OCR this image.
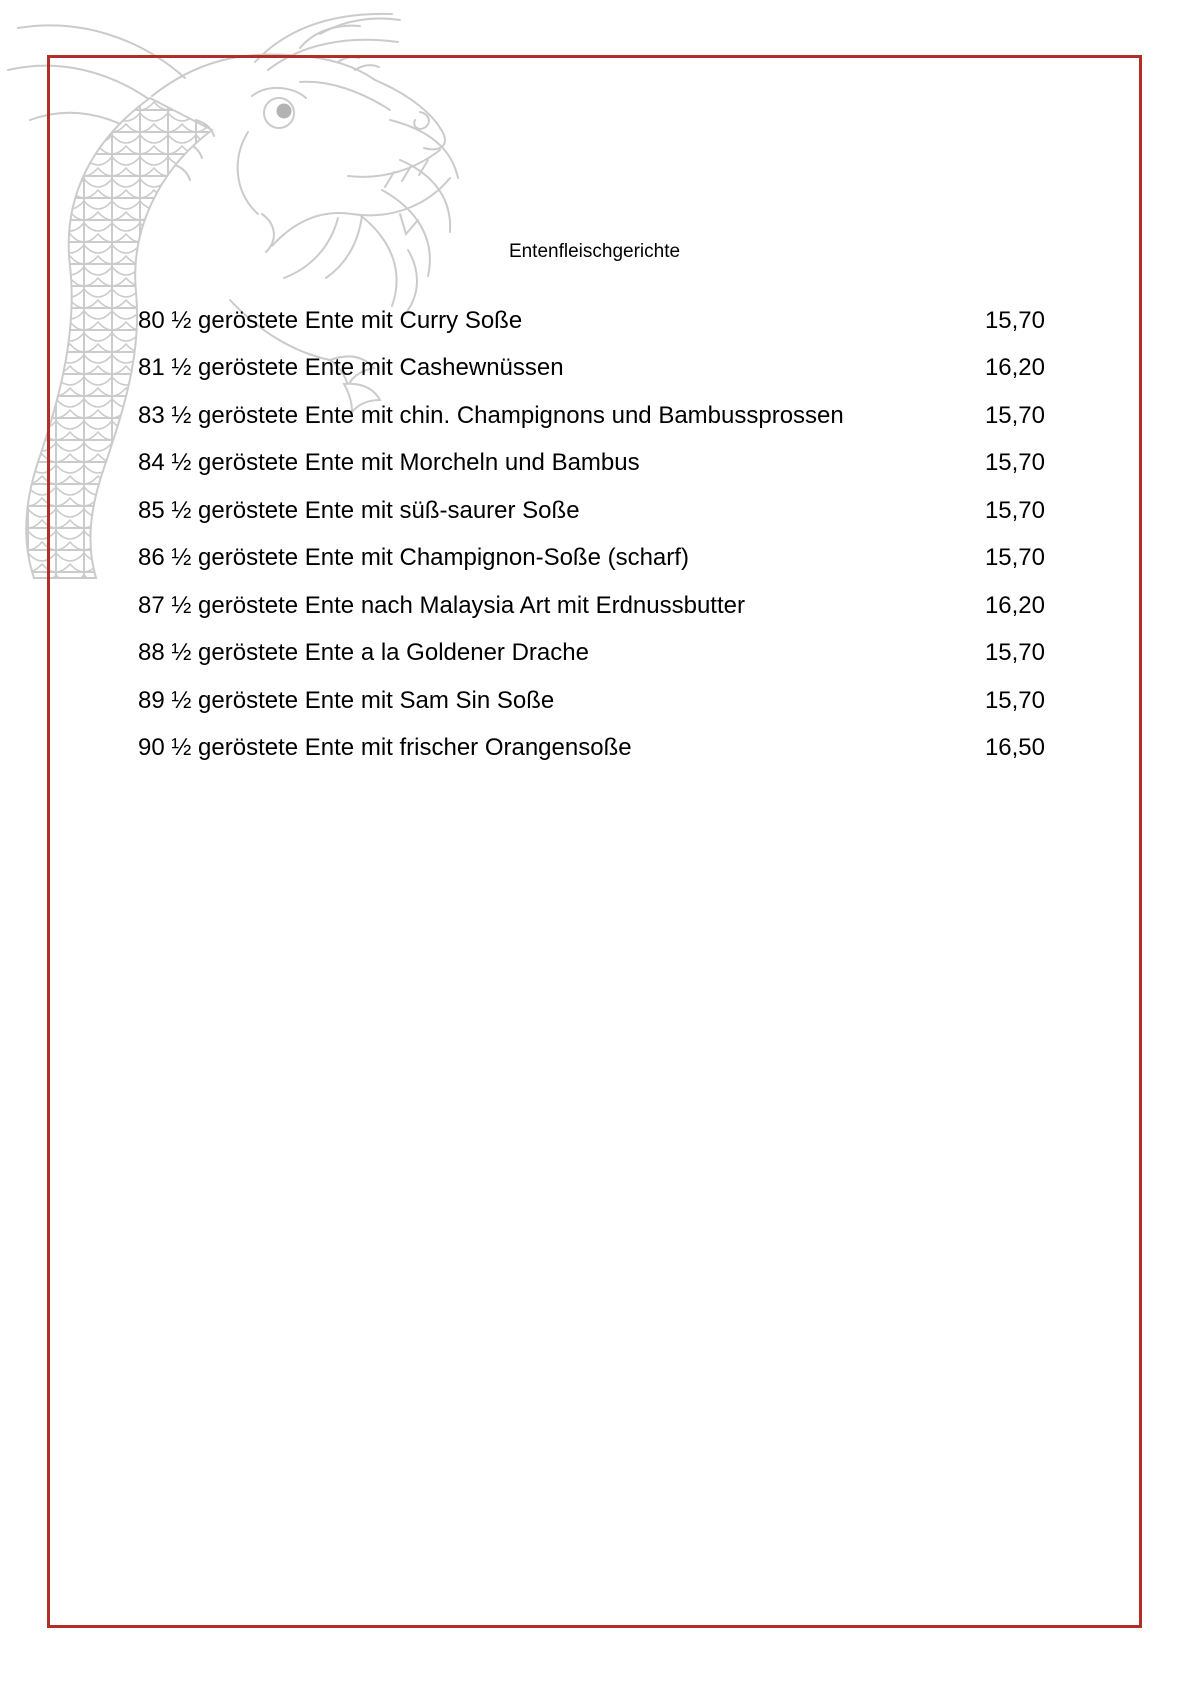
Entenfleischgerichte
80 ½ geröstete Ente mit Curry Soße	15,70
81 ½ geröstete Ente mit Cashewnüssen	16,20
83 ½ geröstete Ente mit chin. Champignons und Bambussprossen	15,70
84 ½ geröstete Ente mit Morcheln und Bambus	15,70
85 ½ geröstete Ente mit süß-saurer Soße	15,70
86 ½ geröstete Ente mit Champignon-Soße (scharf)	15,70
87 ½ geröstete Ente nach Malaysia Art mit Erdnussbutter	16,20
88 ½ geröstete Ente a la Goldener Drache	15,70
89 ½ geröstete Ente mit Sam Sin Soße	15,70
90 ½ geröstete Ente mit frischer Orangensoße	16,50
